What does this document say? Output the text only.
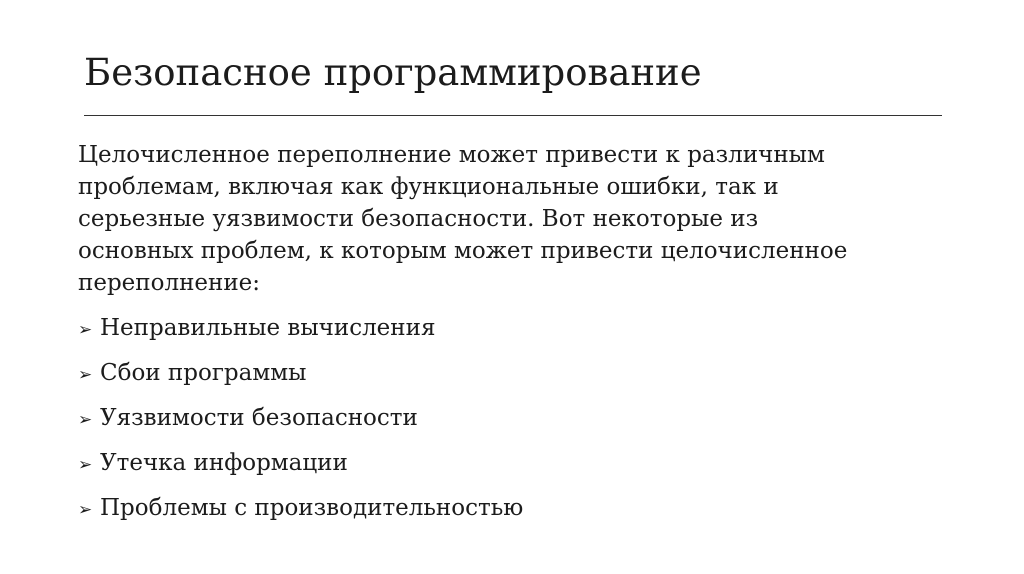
Безопасное программирование

Целочисленное переполнение может привести к различным
проблемам, включая как функциональные ошибки, так и
серьезные уязвимости безопасности. Вот некоторые из
основных проблем, к которым может привести целочисленное
переполнение:

➢ Неправильные вычисления
➢ Сбои программы
➢ Уязвимости безопасности
➢ Утечка информации
➢ Проблемы с производительностью
